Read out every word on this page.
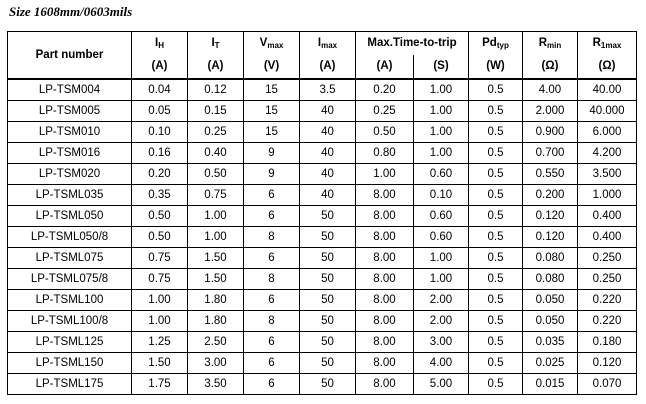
Size 1608mm/0603mils
Part number	$I_H$	$I_T$	$V_{max}$	$I_{max}$	Max.Time-to-trip		$Pd_{typ}$	$R_{min}$	$R_{1max}$
	(A)	(A)	(V)	(A)	(A)	(S)	(W)	(Ω)	(Ω)
LP-TSM004	0.04	0.12	15	3.5	0.20	1.00	0.5	4.00	40.00
LP-TSM005	0.05	0.15	15	40	0.25	1.00	0.5	2.000	40.000
LP-TSM010	0.10	0.25	15	40	0.50	1.00	0.5	0.900	6.000
LP-TSM016	0.16	0.40	9	40	0.80	1.00	0.5	0.700	4.200
LP-TSM020	0.20	0.50	9	40	1.00	0.60	0.5	0.550	3.500
LP-TSML035	0.35	0.75	6	40	8.00	0.10	0.5	0.200	1.000
LP-TSML050	0.50	1.00	6	50	8.00	0.60	0.5	0.120	0.400
LP-TSML050/8	0.50	1.00	8	50	8.00	0.60	0.5	0.120	0.400
LP-TSML075	0.75	1.50	6	50	8.00	1.00	0.5	0.080	0.250
LP-TSML075/8	0.75	1.50	8	50	8.00	1.00	0.5	0.080	0.250
LP-TSML100	1.00	1.80	6	50	8.00	2.00	0.5	0.050	0.220
LP-TSML100/8	1.00	1.80	8	50	8.00	2.00	0.5	0.050	0.220
LP-TSML125	1.25	2.50	6	50	8.00	3.00	0.5	0.035	0.180
LP-TSML150	1.50	3.00	6	50	8.00	4.00	0.5	0.025	0.120
LP-TSML175	1.75	3.50	6	50	8.00	5.00	0.5	0.015	0.070
